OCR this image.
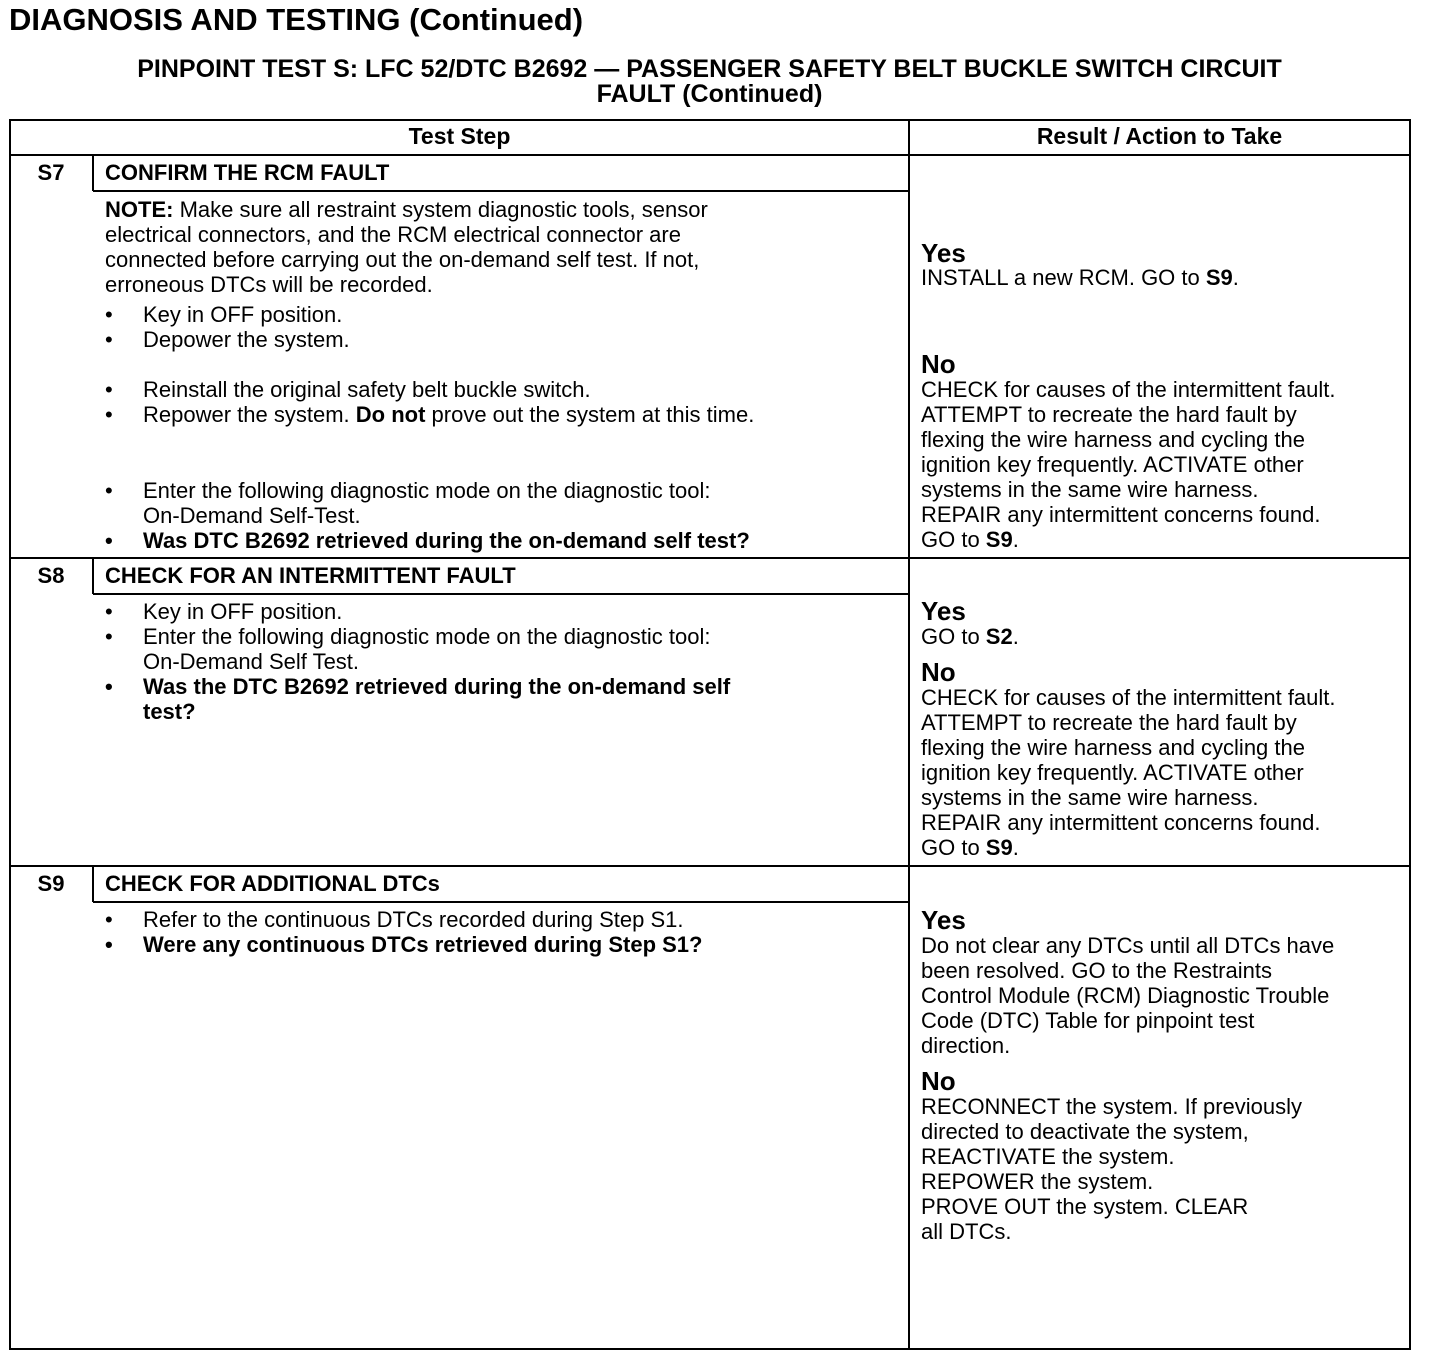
DIAGNOSIS AND TESTING (Continued)
PINPOINT TEST S: LFC 52/DTC B2692 — PASSENGER SAFETY BELT BUCKLE SWITCH CIRCUIT
FAULT (Continued)
Test Step	Result / Action to Take
S7	CONFIRM THE RCM FAULT
NOTE: Make sure all restraint system diagnostic tools, sensor
electrical connectors, and the RCM electrical connector are
connected before carrying out the on-demand self test. If not,
erroneous DTCs will be recorded.
• Key in OFF position.
• Depower the system.
• Reinstall the original safety belt buckle switch.
• Repower the system. Do not prove out the system at this time.
• Enter the following diagnostic mode on the diagnostic tool:
On-Demand Self-Test.
• Was DTC B2692 retrieved during the on-demand self test?
Yes
INSTALL a new RCM. GO to S9.
No
CHECK for causes of the intermittent fault.
ATTEMPT to recreate the hard fault by
flexing the wire harness and cycling the
ignition key frequently. ACTIVATE other
systems in the same wire harness.
REPAIR any intermittent concerns found.
GO to S9.
S8	CHECK FOR AN INTERMITTENT FAULT
• Key in OFF position.
• Enter the following diagnostic mode on the diagnostic tool:
On-Demand Self Test.
• Was the DTC B2692 retrieved during the on-demand self
test?
Yes
GO to S2.
No
CHECK for causes of the intermittent fault.
ATTEMPT to recreate the hard fault by
flexing the wire harness and cycling the
ignition key frequently. ACTIVATE other
systems in the same wire harness.
REPAIR any intermittent concerns found.
GO to S9.
S9	CHECK FOR ADDITIONAL DTCs
• Refer to the continuous DTCs recorded during Step S1.
• Were any continuous DTCs retrieved during Step S1?
Yes
Do not clear any DTCs until all DTCs have
been resolved. GO to the Restraints
Control Module (RCM) Diagnostic Trouble
Code (DTC) Table for pinpoint test
direction.
No
RECONNECT the system. If previously
directed to deactivate the system,
REACTIVATE the system.
REPOWER the system.
PROVE OUT the system. CLEAR
all DTCs.
